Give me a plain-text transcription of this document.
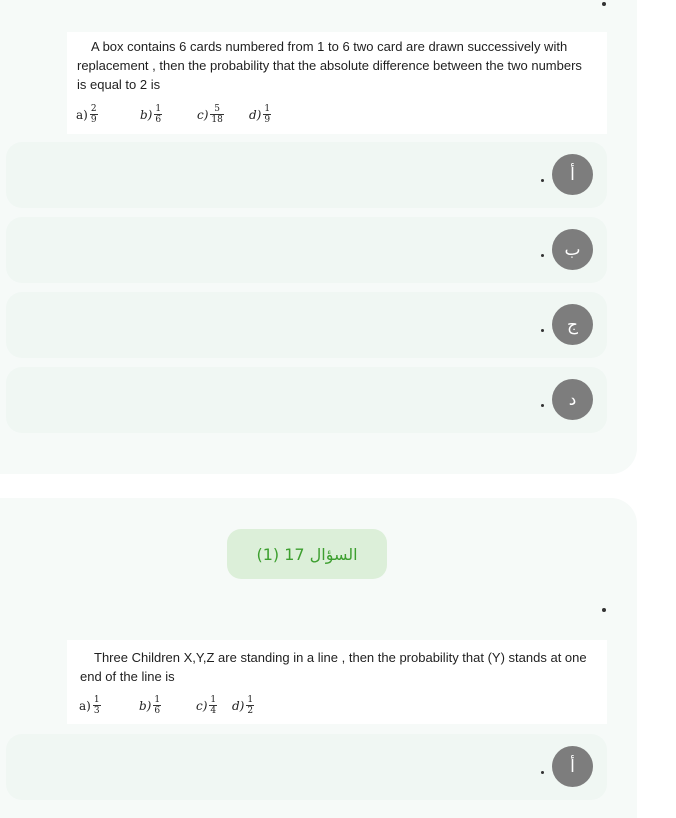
A box contains 6 cards numbered from 1 to 6 two card are drawn successively with replacement , then the probability that the absolute difference between the two numbers is equal to 2 is
$a) \frac{2}{9}$	$b) \frac{1}{6}$	$c) \frac{5}{18} d) \frac{1}{9}$
أ
ب
ج
د
السؤال 17 (1)
Three Children X,Y,Z are standing in a line , then the probability that (Y) stands at one end of the line is
$a) \frac{1}{3}$	$b) \frac{1}{6}$	$c) \frac{1}{4} d) \frac{1}{2}$
أ
